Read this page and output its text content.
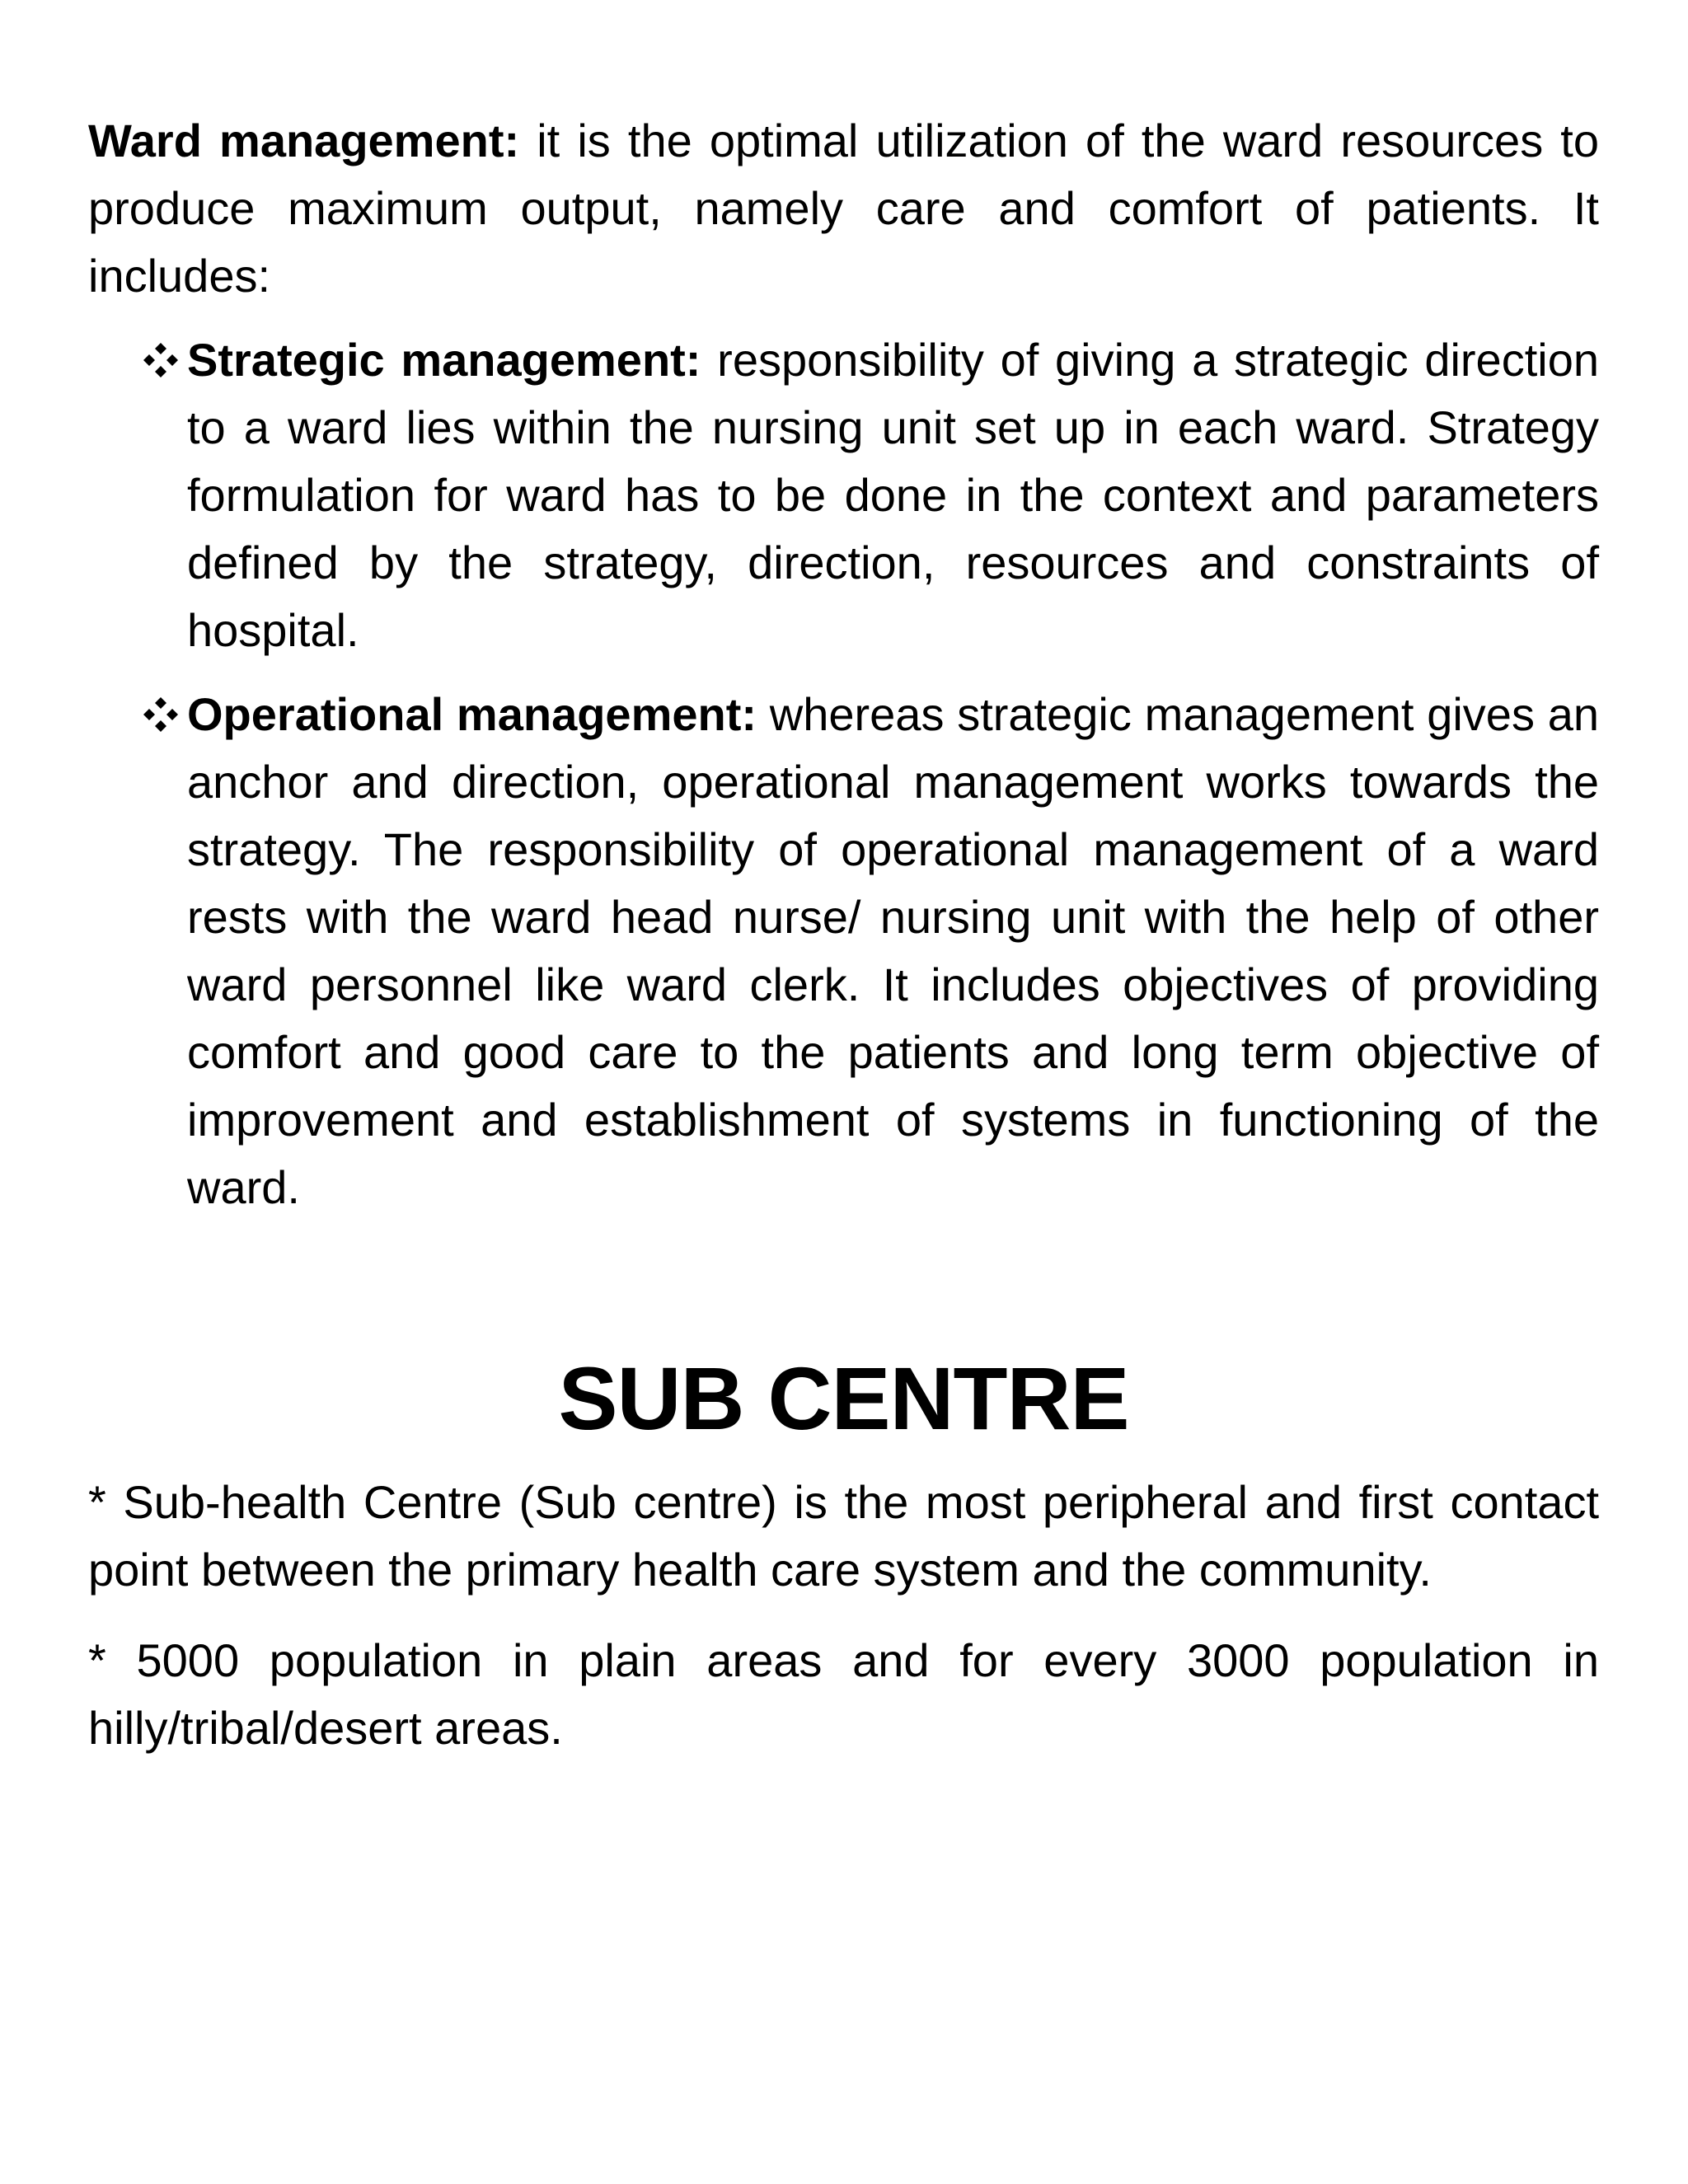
Ward management: it is the optimal utilization of the ward resources to produce maximum output, namely care and comfort of patients. It includes:

Strategic management: responsibility of giving a strategic direction to a ward lies within the nursing unit set up in each ward. Strategy formulation for ward has to be done in the context and parameters defined by the strategy, direction, resources and constraints of hospital.
Operational management: whereas strategic management gives an anchor and direction, operational management works towards the strategy. The responsibility of operational management of a ward rests with the ward head nurse/ nursing unit with the help of other ward personnel like ward clerk. It includes objectives of providing comfort and good care to the patients and long term objective of improvement and establishment of systems in functioning of the ward.
SUB CENTRE

* Sub-health Centre (Sub centre) is the most peripheral and first contact point between the primary health care system and the community.

* 5000 population in plain areas and for every 3000 population in hilly/tribal/desert areas.
